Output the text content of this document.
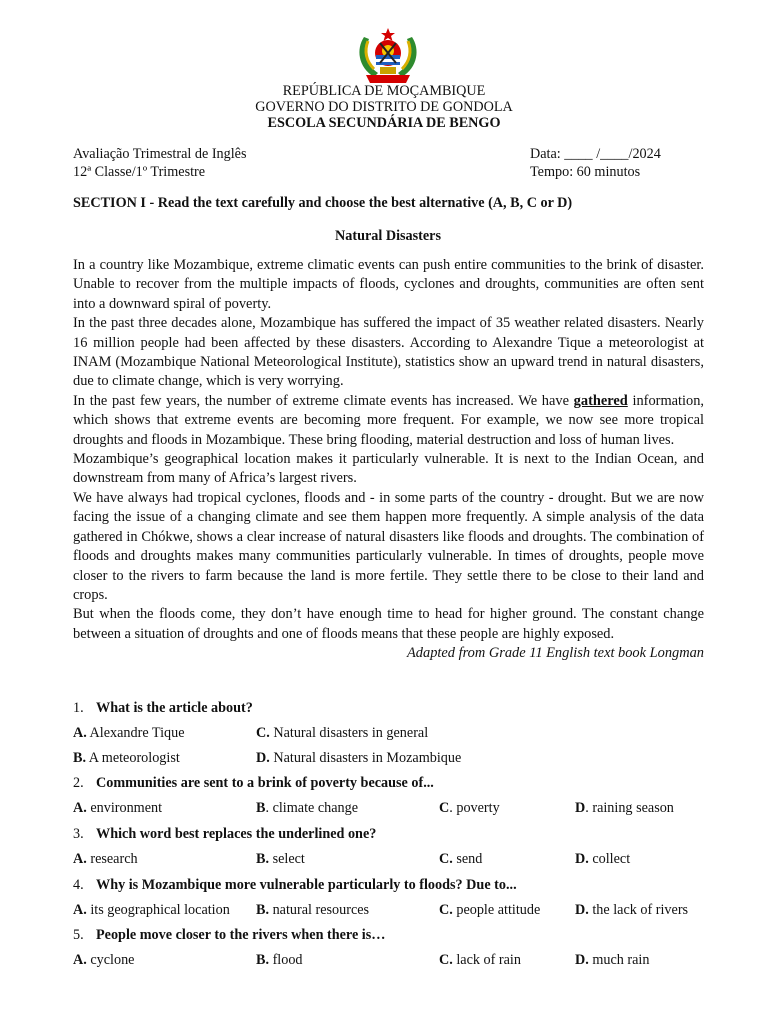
REPÚBLICA DE MOÇAMBIQUE
GOVERNO DO DISTRITO DE GONDOLA
ESCOLA SECUNDÁRIA DE BENGO
Avaliação Trimestral de Inglês
12ª Classe/1º Trimestre
Data: ____ /____/2024
Tempo: 60 minutos
SECTION I - Read the text carefully and choose the best alternative (A, B, C or D)
Natural Disasters

In a country like Mozambique, extreme climatic events can push entire communities to the brink of disaster. Unable to recover from the multiple impacts of floods, cyclones and droughts, communities are often sent into a downward spiral of poverty.

In the past three decades alone, Mozambique has suffered the impact of 35 weather related disasters. Nearly 16 million people had been affected by these disasters. According to Alexandre Tique a meteorologist at INAM (Mozambique National Meteorological Institute), statistics show an upward trend in natural disasters, due to climate change, which is very worrying.

In the past few years, the number of extreme climate events has increased. We have gathered information, which shows that extreme events are becoming more frequent. For example, we now see more tropical droughts and floods in Mozambique. These bring flooding, material destruction and loss of human lives.

Mozambique’s geographical location makes it particularly vulnerable. It is next to the Indian Ocean, and downstream from many of Africa’s largest rivers.

We have always had tropical cyclones, floods and - in some parts of the country - drought. But we are now facing the issue of a changing climate and see them happen more frequently. A simple analysis of the data gathered in Chókwe, shows a clear increase of natural disasters like floods and droughts. The combination of floods and droughts makes many communities particularly vulnerable. In times of droughts, people move closer to the rivers to farm because the land is more fertile. They settle there to be close to their land and crops.

But when the floods come, they don’t have enough time to head for higher ground. The constant change between a situation of droughts and one of floods means that these people are highly exposed.

Adapted from Grade 11 English text book Longman

1. What is the article about?
A. Alexandre Tique	C. Natural disasters in general
B. A meteorologist	D. Natural disasters in Mozambique
2. Communities are sent to a brink of poverty because of...
A. environment	B. climate change	C. poverty	D. raining season
3. Which word best replaces the underlined one?
A. research	B. select	C. send	D. collect
4. Why is Mozambique more vulnerable particularly to floods? Due to...
A. its geographical location B. natural resources	C. people attitude D. the lack of rivers
5. People move closer to the rivers when there is…
A. cyclone	B. flood	C. lack of rain	D. much rain
